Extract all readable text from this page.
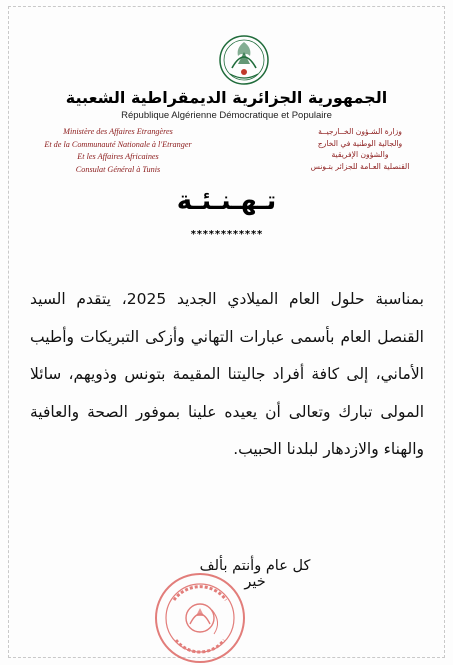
الجمهورية الجزائرية الديمقراطية الشعبية
République Algérienne Démocratique et Populaire
Ministère des Affaires Etrangères
Et de la Communauté Nationale à l'Etranger
Et les Affaires Africaines
Consulat Général à Tunis
وزارة الشـؤون الخــارجيــة
والجالية الوطنية في الخارج
والشؤون الإفريقية
القنصلية العـامة للجزائر بتـونس
تـهـنـئـة
************
بمناسبة حلول العام الميلادي الجديد 2025، يتقدم السيد القنصل العام بأسمى عبارات التهاني وأزكى التبريكات وأطيب الأماني، إلى كافة أفراد جاليتنا المقيمة بتونس وذويهم، سائلا المولى تبارك وتعالى أن يعيده علينا بموفور الصحة والعافية والهناء والازدهار لبلدنا الحبيب.
كل عام وأنتم بألف خير
